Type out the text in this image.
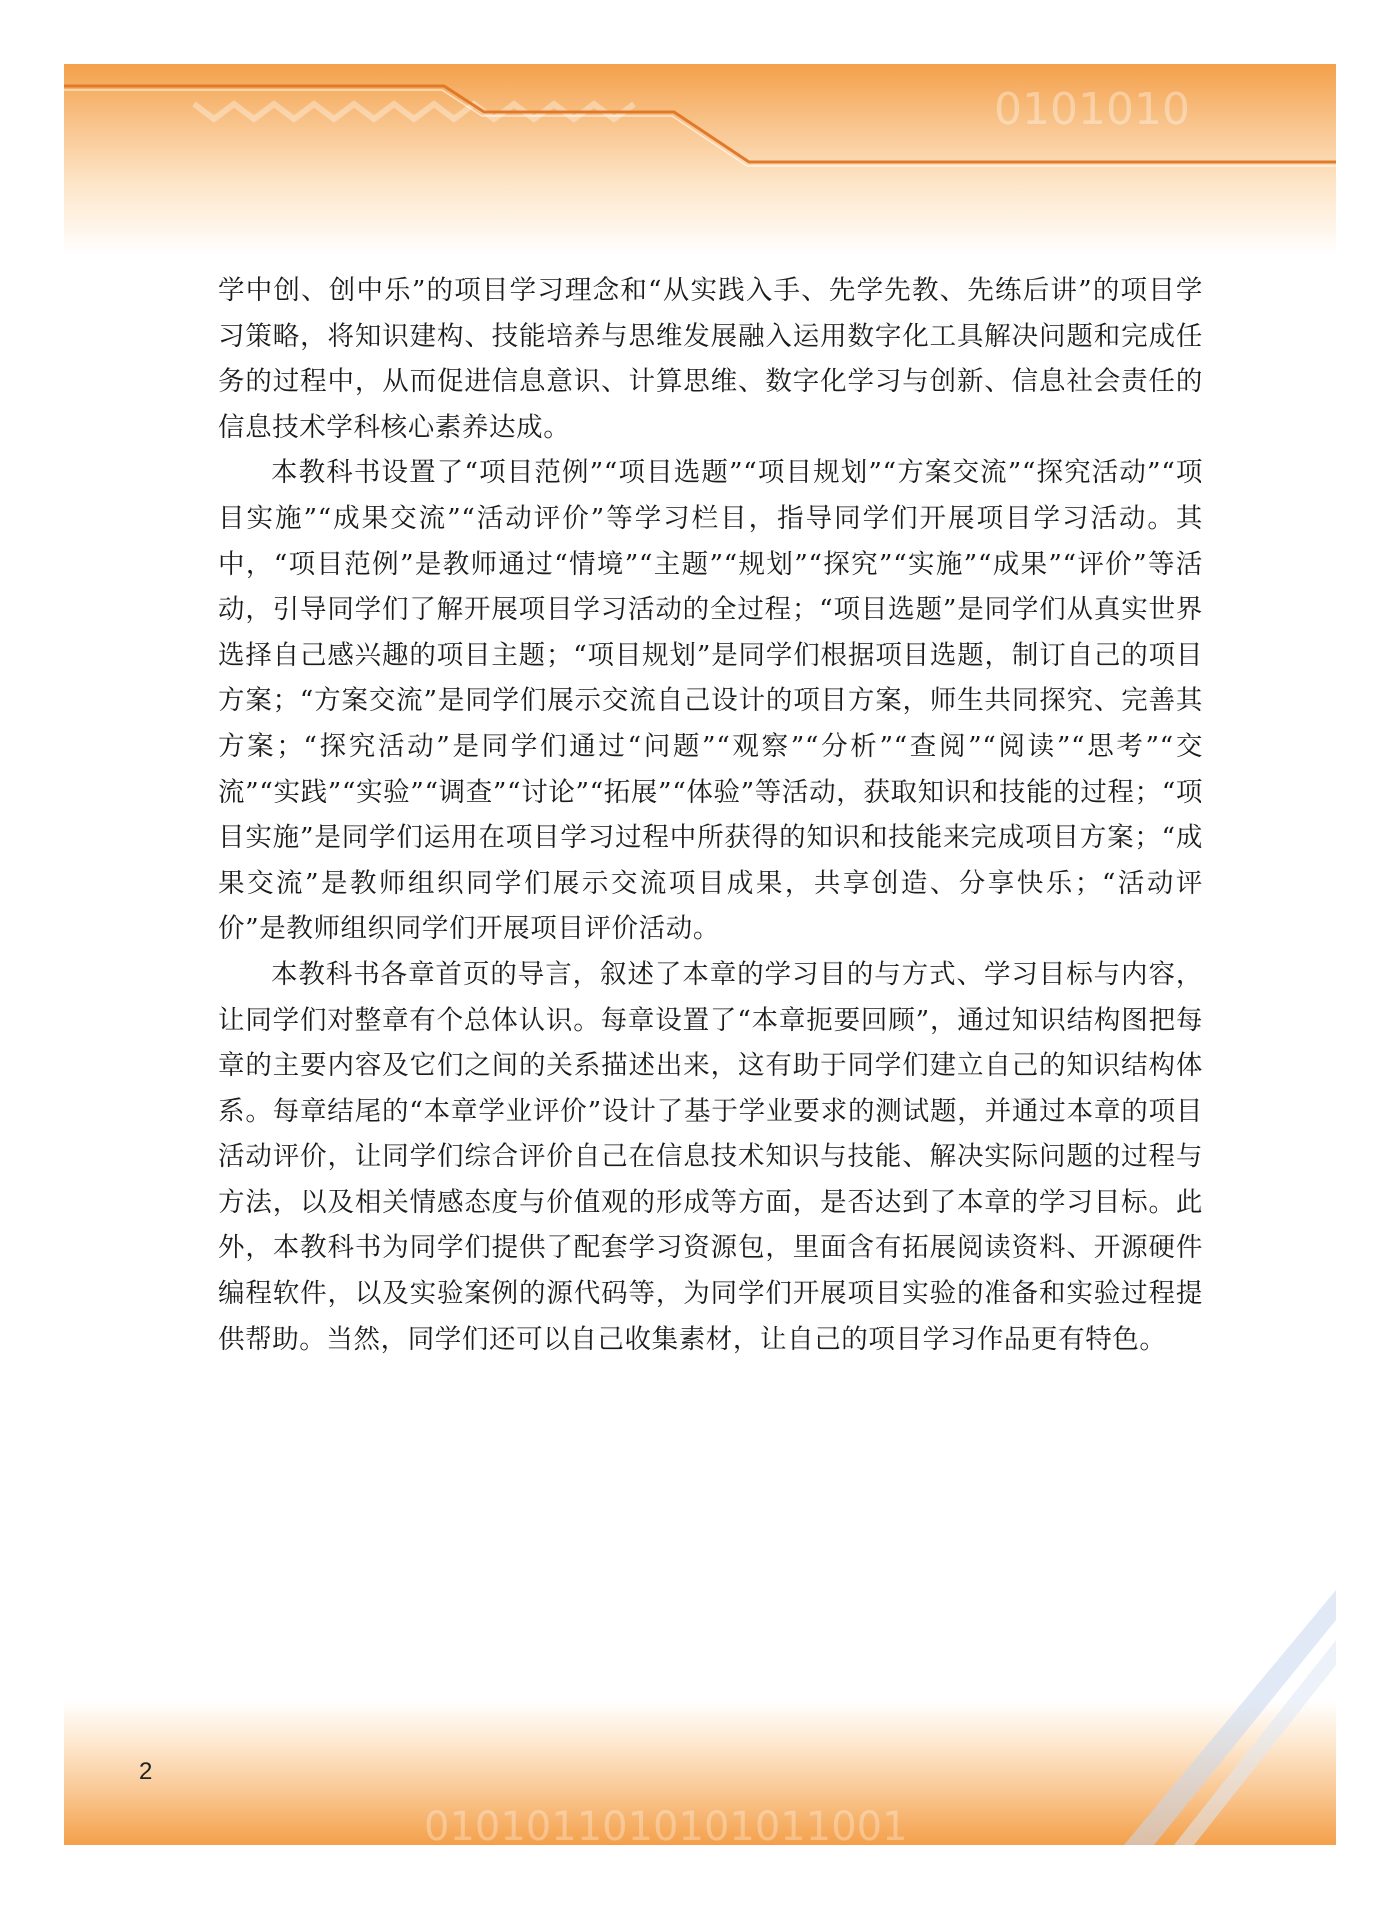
0101010

学中创、创中乐”的项目学习理念和“从实践入手、先学先教、先练后讲”的项目学习策略，将知识建构、技能培养与思维发展融入运用数字化工具解决问题和完成任务的过程中，从而促进信息意识、计算思维、数字化学习与创新、信息社会责任的信息技术学科核心素养达成。

本教科书设置了“项目范例”“项目选题”“项目规划”“方案交流”“探究活动”“项目实施”“成果交流”“活动评价”等学习栏目，指导同学们开展项目学习活动。其中，“项目范例”是教师通过“情境”“主题”“规划”“探究”“实施”“成果”“评价”等活动，引导同学们了解开展项目学习活动的全过程；“项目选题”是同学们从真实世界选择自己感兴趣的项目主题；“项目规划”是同学们根据项目选题，制订自己的项目方案；“方案交流”是同学们展示交流自己设计的项目方案，师生共同探究、完善其方案；“探究活动”是同学们通过“问题”“观察”“分析”“查阅”“阅读”“思考”“交流”“实践”“实验”“调查”“讨论”“拓展”“体验”等活动，获取知识和技能的过程；“项目实施”是同学们运用在项目学习过程中所获得的知识和技能来完成项目方案；“成果交流”是教师组织同学们展示交流项目成果，共享创造、分享快乐；“活动评价”是教师组织同学们开展项目评价活动。

本教科书各章首页的导言，叙述了本章的学习目的与方式、学习目标与内容，让同学们对整章有个总体认识。每章设置了“本章扼要回顾”，通过知识结构图把每章的主要内容及它们之间的关系描述出来，这有助于同学们建立自己的知识结构体系。每章结尾的“本章学业评价”设计了基于学业要求的测试题，并通过本章的项目活动评价，让同学们综合评价自己在信息技术知识与技能、解决实际问题的过程与方法，以及相关情感态度与价值观的形成等方面，是否达到了本章的学习目标。此外，本教科书为同学们提供了配套学习资源包，里面含有拓展阅读资料、开源硬件编程软件，以及实验案例的源代码等，为同学们开展项目实验的准备和实验过程提供帮助。当然，同学们还可以自己收集素材，让自己的项目学习作品更有特色。

0101011010101011001
2
